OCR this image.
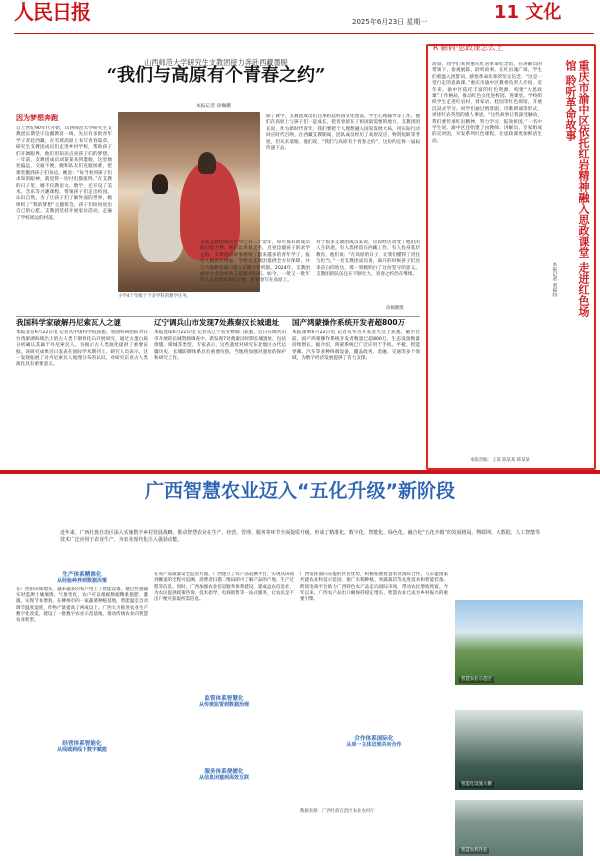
人民日报	2025年6月23日 星期一	11 文化
山西师范大学研究生支教团接力奔赴西藏墨脱
“我们与高原有个青春之约”
本报记者 徐佩鹏
因为梦想奔跑
自上世纪90年代开始，山西师范大学研究生支教团长期坚守边疆教育一线，先后有多批青年学子奔赴西藏，在雪域高原上书写青春篇章。研究生支教团成员们走进乡村学校，帮助孩子们开阔眼界，他们用知识点亮孩子们的梦想。一年前，支教团成员刘某某来到墨脱，这里地处偏远，交通不便，她和队友们克服困难，把课堂搬到孩子们身边。她说：“每当看到孩子们求知的眼神，就觉得一切付出都值得。”在支教的日子里，她不仅教语文、数学，还开设了美术、音乐等兴趣课程，带领孩子们走出校园、认识自然。为了让孩子们了解外面的世界，她组织了“我的梦想”主题班会，孩子们纷纷说出自己的心愿。支教团坚持开展家访活动，走遍了学校周边的村落。
小学4个年级十个多学科的教学任务。
除了教学，支教团成员们还承担起校园文化建设、学生心理辅导等工作，他们在高原上与孩子们一起成长，把青春留在了祖国最需要的地方。支教团团长说，作为新时代青年，我们要把个人理想融入国家发展大局，用实际行动回应时代召唤。在西藏支教期间，团队成员经历了高原反应、物资短缺等考验，但从未退缩。他们说，“我们与高原有个青春之约”，这份约定将一届届传递下去。
首届支教团成员至今已有二十余年，每年都有新成员接过接力棒。他们以青春之名，点亮边疆孩子的求学之路。支教团的故事感染了越来越多的青年学子，报名人数逐年增加。学校为支教团提供全方位保障，并与当地教育部门建立长期合作机制。2024年，支教团被评为全国优秀志愿服务组织。如今，一批又一批年轻人正沿着前辈的足迹，把青春写在高原上。
对于很多支教团成员来说，这段经历改变了他们的人生轨迹。有人选择留在西藏工作，有人投身基层教育。他们说：“在高原的日子，让我们懂得了责任与担当。”一名支教团成员说，离开的时候孩子们送来洁白的哈达，那一刻她明白了这份坚守的意义。支教团的队伍还在不断壮大，青春之约仍在继续。
徐佩鹏摄
我国科学家破解丹尼索瓦人之谜
本报北京6月22日电 记者从中国科学院获悉，我国科研团队对在台湾澎湖海域出土的古人类下颌骨化石开展研究，通过古蛋白质分析确认其属于丹尼索瓦人，为揭示古人类演化提供了重要证据。该研究成果近日发表在国际学术期刊上。研究人员表示，这一发现拓展了对丹尼索瓦人地理分布的认识，对研究东亚古人类演化具有重要意义。
辽宁调兵山市发现7处燕秦汉长城遗址
本报沈阳6月22日电 记者从辽宁省文物部门获悉，近日在调兵山市开展的长城资源调查中，新发现7处燕秦汉时期长城遗址，包括烽燧、障城等类型。专家表示，这些遗址对研究东北地区古代边疆历史、长城防御体系具有重要价值。当地将加强对遗址的保护和研究工作。
国产鸿蒙操作系统开发者超800万
本报深圳6月22日电 记者从华为开发者大会上获悉，截至目前，国产鸿蒙操作系统开发者数量已超800万，生态设备数量持续增长。据介绍，鸿蒙系统已广泛应用于手机、平板、智能穿戴、汽车等多种终端设备，覆盖政务、金融、交通等多个领域，为数字经济发展提供了有力支撑。
R 解码·思政课怎么上
重庆市渝中区依托红岩精神融入思政课堂 走进红色场馆 聆听革命故事
本报记者 黄福特
清晨，同学们来到重庆红岩革命纪念馆，在讲解员的带领下，参观展陈、聆听故事。在红岩魂广场，学生们重温入团誓词，感悟革命先辈的坚定信念。“这是一堂行走的思政课。”重庆市渝中区教委负责人介绍，近年来，渝中区依托丰富的红色资源，构建“大思政课”工作格局，推动红色文化进校园、进课堂。学校组织学生走进红岩村、曾家岩、桂园等红色场馆，开展沉浸式学习。同学们通过情景剧、诗歌朗诵等形式，讲述红岩英烈的感人事迹。“这些故事让我深受触动，我们要传承红岩精神，努力学习，报效祖国。”一名中学生说。渝中区还组建了由教师、讲解员、专家组成的宣讲团，开发系列红色课程，让思政课更加鲜活生动。
本版责编：王某 陈某某 韩某某
广西智慧农业迈入“五化升级”新阶段
近年来，广西壮族自治区深入实施数字乡村发展战略，推动智慧农业在生产、经营、管理、服务等环节全面提质升级，形成了精准化、数字化、智能化、绿色化、融合化“五化升级”的发展格局。物联网、大数据、人工智能等技术广泛应用于农业生产，为农业现代化注入强劲动能。
生产体系精准化
从经验种养到数据决策
在广西的田间地头，越来越多的农户用上了智能设备。通过传感器实时监测土壤墒情、气象变化，农户可以根据数据精准施肥、灌溉，实现节本增效。在柳州市的一家蔬菜种植基地，智能温室自动调节温度湿度，作物产量提高了两成以上。广西大力推进农业生产数字化改造，建设了一批数字农业示范基地，推动传统农业向智慧农业转型。
经营体系智能化
从线城到线下数字赋能
在农产品质量安全监管方面，广西建立了农产品追溯平台，实现从田间到餐桌的全程可追溯。消费者扫描二维码即可了解产品的产地、生产过程等信息。同时，广西加强农业信息服务体系建设，建成益农信息社，为农民提供政策咨询、技术指导、电商销售等一站式服务，让农民足不出户便可获取所需信息。
监管体系智慧化
从传统监管到数据治理
服务体系便捷化
从信息闭塞到高效互联
广西发挥面向东盟的区位优势，积极拓展智慧农业国际合作。与东盟国家共建农业科技示范园，推广水稻种植、果蔬栽培等先进技术和智能装备。跨境电商平台助力广西特色农产品走向国际市场，带动农民增收致富。今年以来，广西农产品出口额保持稳定增长，智慧农业已成为乡村振兴的重要引擎。
合作体系国际化
从单一主体迈到共向合作
数据来源：广西壮族自治区农业农村厅
智慧农业示范区
智能化设施大棚
智慧农机作业
